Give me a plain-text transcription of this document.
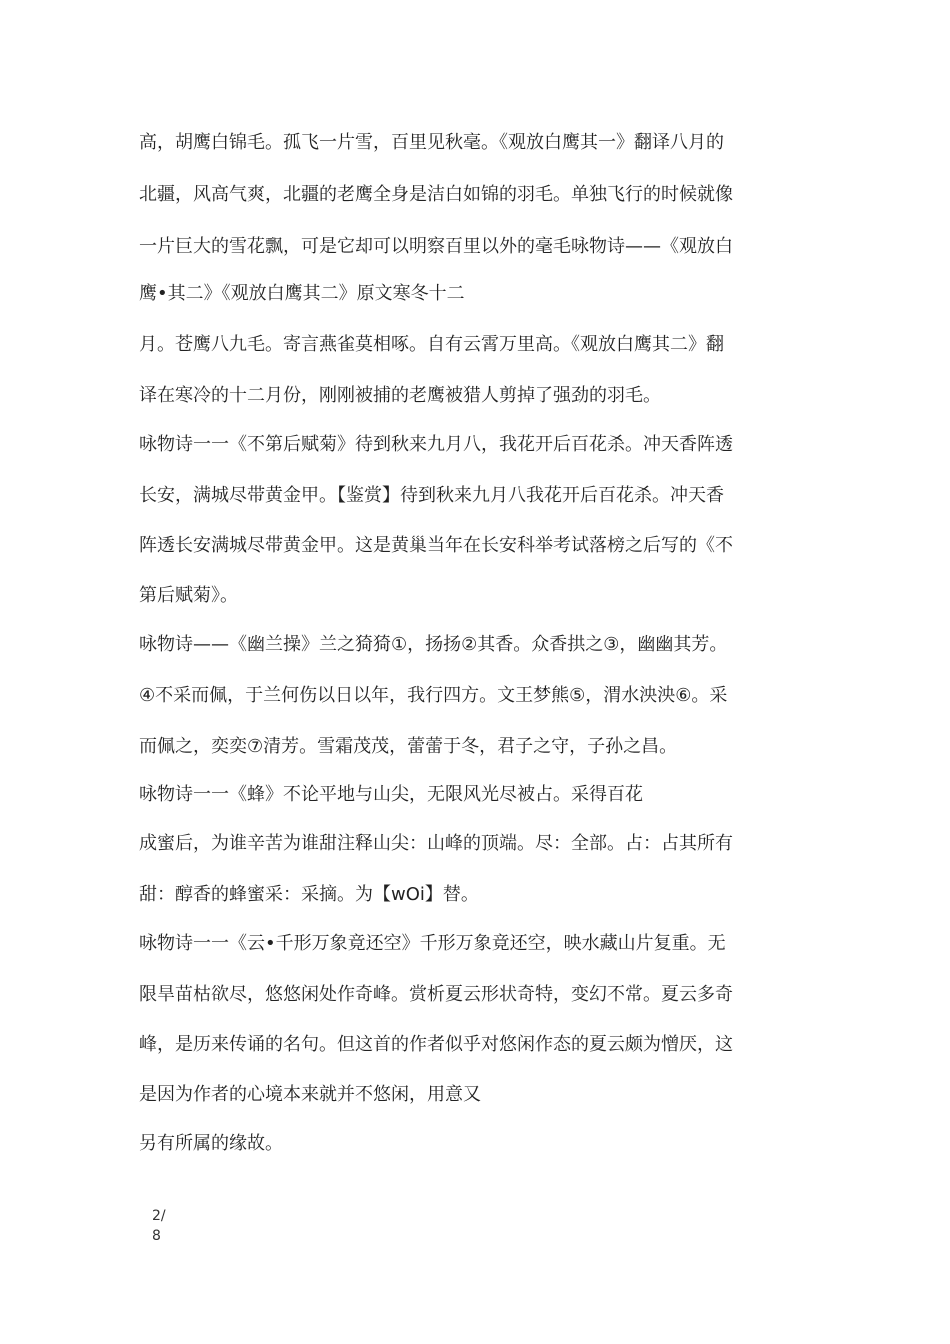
高，胡鹰白锦毛。孤飞一片雪，百里见秋毫。《观放白鹰其一》翻译八月的
北疆，风高气爽，北疆的老鹰全身是洁白如锦的羽毛。单独飞行的时候就像
一片巨大的雪花飘，可是它却可以明察百里以外的毫毛咏物诗——《观放白
鹰•其二》《观放白鹰其二》原文寒冬十二
月。苍鹰八九毛。寄言燕雀莫相啄。自有云霄万里高。《观放白鹰其二》翻
译在寒冷的十二月份，刚刚被捕的老鹰被猎人剪掉了强劲的羽毛。
咏物诗一一《不第后赋菊》待到秋来九月八，我花开后百花杀。冲天香阵透
长安，满城尽带黄金甲。【鉴赏】待到秋来九月八我花开后百花杀。冲天香
阵透长安满城尽带黄金甲。这是黄巢当年在长安科举考试落榜之后写的《不
第后赋菊》。
咏物诗——《幽兰操》兰之猗猗①，扬扬②其香。众香拱之③，幽幽其芳。
④不采而佩，于兰何伤以日以年，我行四方。文王梦熊⑤，渭水泱泱⑥。采
而佩之，奕奕⑦清芳。雪霜茂茂，蕾蕾于冬，君子之守，子孙之昌。
咏物诗一一《蜂》不论平地与山尖，无限风光尽被占。采得百花
成蜜后，为谁辛苦为谁甜注释山尖：山峰的顶端。尽：全部。占：占其所有
甜：醇香的蜂蜜采：采摘。为【wOi】替。
咏物诗一一《云•千形万象竟还空》千形万象竟还空，映水藏山片复重。无
限旱苗枯欲尽，悠悠闲处作奇峰。赏析夏云形状奇特，变幻不常。夏云多奇
峰，是历来传诵的名句。但这首的作者似乎对悠闲作态的夏云颇为憎厌，这
是因为作者的心境本来就并不悠闲，用意又
另有所属的缘故。
2/
8
